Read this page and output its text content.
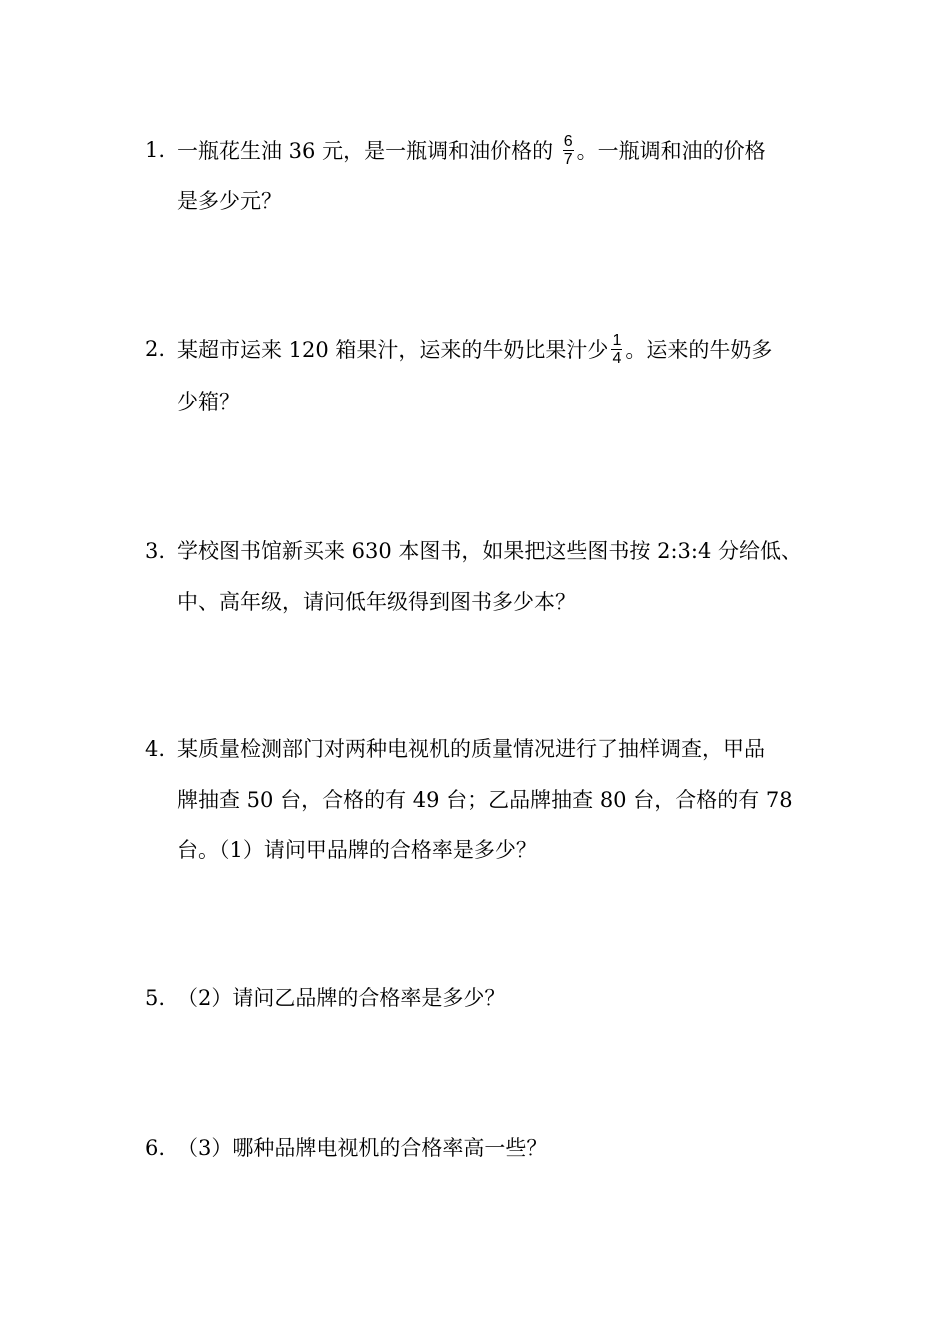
1. 一瓶花生油 36 元，是一瓶调和油价格的 $\frac{6}{7}$ 。一瓶调和油的价格
是多少元？
2. 某超市运来 120 箱果汁，运来的牛奶比果汁少 $\frac{1}{4}$ 。运来的牛奶多
少箱？
3. 学校图书馆新买来 630 本图书，如果把这些图书按 2:3:4 分给低、
中、高年级，请问低年级得到图书多少本？
4. 某质量检测部门对两种电视机的质量情况进行了抽样调查，甲品
牌抽查 50 台，合格的有 49 台；乙品牌抽查 80 台，合格的有 78
台。（1）请问甲品牌的合格率是多少？
5. （2）请问乙品牌的合格率是多少？
6. （3）哪种品牌电视机的合格率高一些？
